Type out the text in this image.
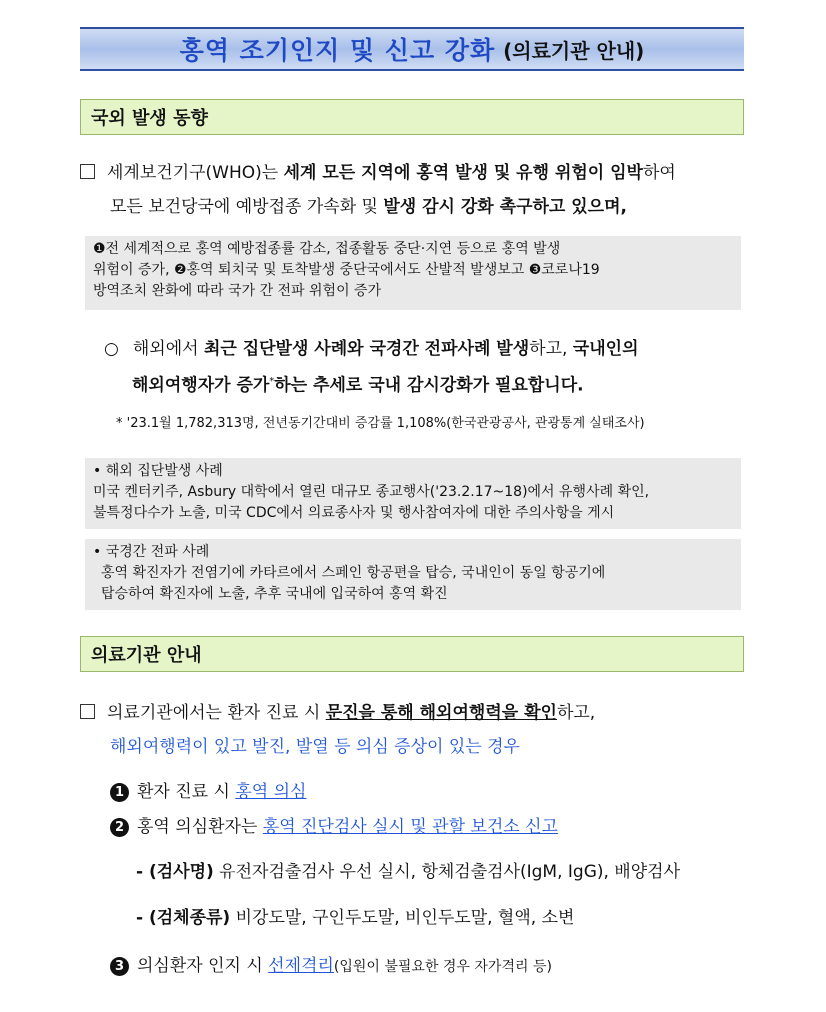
홍역 조기인지 및 신고 강화 (의료기관 안내)
국외 발생 동향
세계보건기구(WHO)는 세계 모든 지역에 홍역 발생 및 유행 위험이 임박하여
모든 보건당국에 예방접종 가속화 및 발생 감시 강화 촉구하고 있으며,
❶전 세계적으로 홍역 예방접종률 감소, 접종활동 중단·지연 등으로 홍역 발생
위험이 증가, ❷홍역 퇴치국 및 토착발생 중단국에서도 산발적 발생보고 ❸코로나19
방역조치 완화에 따라 국가 간 전파 위험이 증가
○ 해외에서 최근 집단발생 사례와 국경간 전파사례 발생하고, 국내인의
해외여행자가 증가*하는 추세로 국내 감시강화가 필요합니다.
* '23.1월 1,782,313명, 전년동기간대비 증감률 1,108%(한국관광공사, 관광통계 실태조사)
• 해외 집단발생 사례
미국 켄터키주, Asbury 대학에서 열린 대규모 종교행사('23.2.17~18)에서 유행사례 확인,
불특정다수가 노출, 미국 CDC에서 의료종사자 및 행사참여자에 대한 주의사항을 게시
• 국경간 전파 사례
홍역 확진자가 전염기에 카타르에서 스페인 항공편을 탑승, 국내인이 동일 항공기에
탑승하여 확진자에 노출, 추후 국내에 입국하여 홍역 확진
의료기관 안내
의료기관에서는 환자 진료 시 문진을 통해 해외여행력을 확인하고,
해외여행력이 있고 발진, 발열 등 의심 증상이 있는 경우
1 환자 진료 시 홍역 의심
2 홍역 의심환자는 홍역 진단검사 실시 및 관할 보건소 신고
- (검사명) 유전자검출검사 우선 실시, 항체검출검사(IgM, IgG), 배양검사
- (검체종류) 비강도말, 구인두도말, 비인두도말, 혈액, 소변
3 의심환자 인지 시 선제격리(입원이 불필요한 경우 자가격리 등)
